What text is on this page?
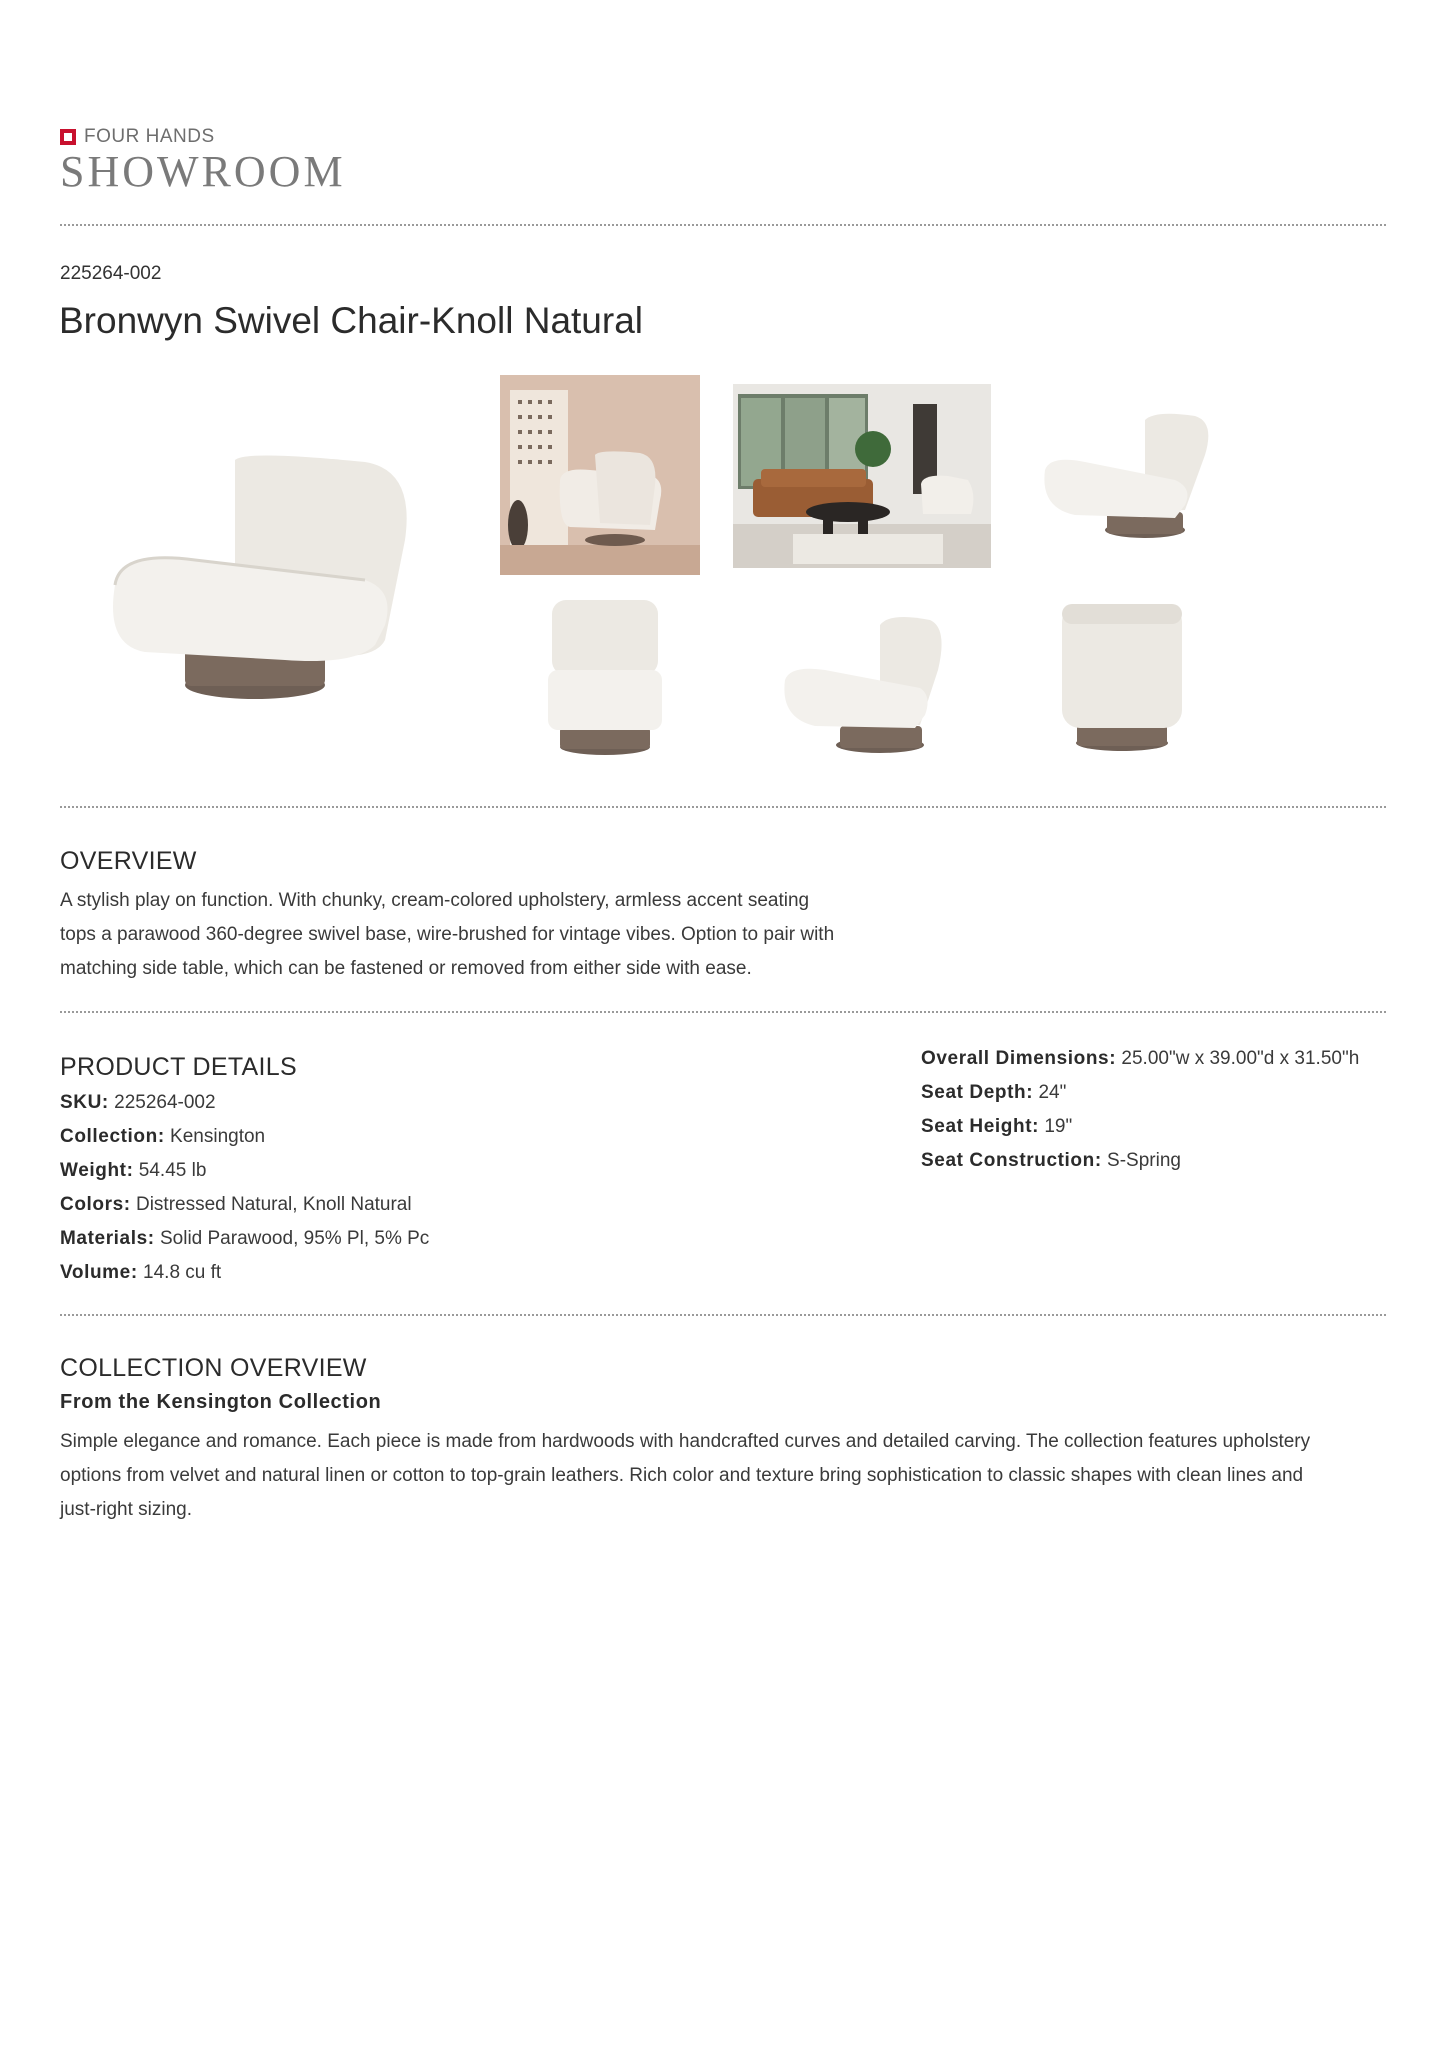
FOUR HANDS
SHOWROOM
225264-002
Bronwyn Swivel Chair-Knoll Natural
OVERVIEW
A stylish play on function. With chunky, cream-colored upholstery, armless accent seating
tops a parawood 360-degree swivel base, wire-brushed for vintage vibes. Option to pair with
matching side table, which can be fastened or removed from either side with ease.
PRODUCT DETAILS
SKU: 225264-002
Collection: Kensington
Weight: 54.45 lb
Colors: Distressed Natural, Knoll Natural
Materials: Solid Parawood, 95% Pl, 5% Pc
Volume: 14.8 cu ft
Overall Dimensions: 25.00"w x 39.00"d x 31.50"h
Seat Depth: 24"
Seat Height: 19"
Seat Construction: S-Spring
COLLECTION OVERVIEW
From the Kensington Collection
Simple elegance and romance. Each piece is made from hardwoods with handcrafted curves and detailed carving. The collection features upholstery
options from velvet and natural linen or cotton to top-grain leathers. Rich color and texture bring sophistication to classic shapes with clean lines and
just-right sizing.
